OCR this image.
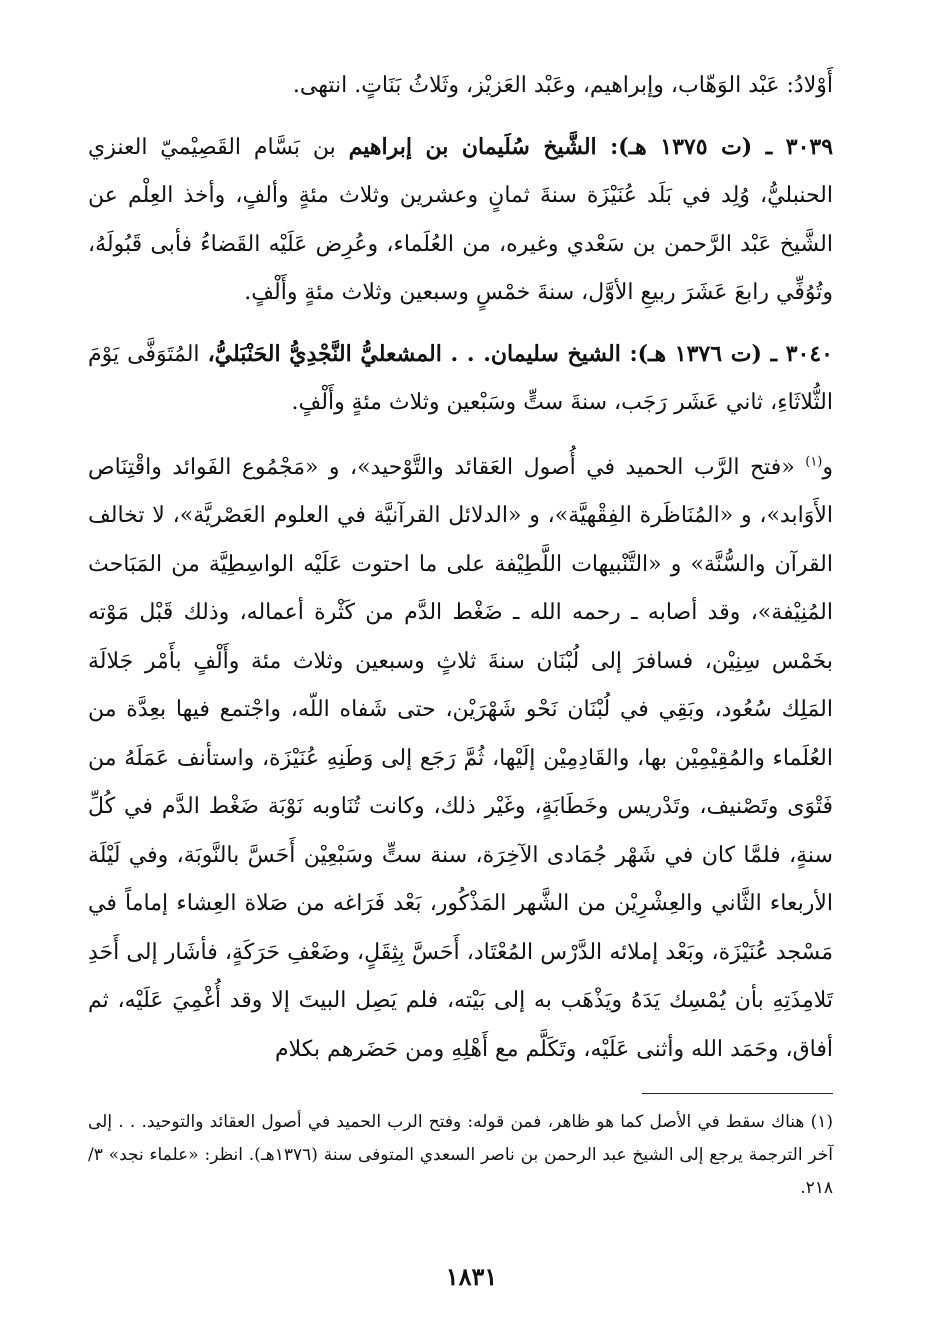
أَوْلادُ: عَبْد الوَهّاب، وإبراهيم، وعَبْد العَزيْز، وثَلاثُ بَنَاتٍ. انتهى.

٣٠٣٩ ـ (ت ١٣٧٥ هـ): الشَّيخ سُلَيمان بن إبراهيم بن بَسَّام القَصِيْميّ العنزي الحنبليُّ، وُلِد في بَلَد عُنَيْزَة سنةَ ثمانٍ وعشرين وثلاث مئةٍ وألفٍ، وأخذ العِلْم عن الشَّيخ عَبْد الرَّحمن بن سَعْدي وغيره، من العُلَماء، وعُرِض عَلَيْه القَضاءُ فأبى قَبُولَهُ، وتُوُفِّي رابعَ عَشَرَ ربيعِ الأوَّل، سنةَ خمْسٍ وسبعين وثلاث مئةٍ وأَلْفٍ.

٣٠٤٠ ـ (ت ١٣٧٦ هـ): الشيخ سليمان. . . المشعليُّ النَّجْدِيُّ الحَنْبَليُّ، المُتَوَفَّى يَوْمَ الثُّلاثَاءِ، ثاني عَشَر رَجَب، سنةَ ستٍّ وسَبْعين وثلاث مئةٍ وأَلْفٍ.

و$^{(١)}$ «فتح الرَّب الحميد في أُصول العَقائد والتَّوْحيد»، و «مَجْمُوع الفَوائد واقْتِنَاص الأَوَابد»، و «المُنَاظَرة الفِقْهيَّة»، و «الدلائل القرآنيَّة في العلوم العَصْريَّة»، لا تخالف القرآن والسُّنَّة» و «التَّنْبيهات اللَّطِيْفة على ما احتوت عَلَيْه الواسِطِيَّة من المَبَاحث المُنِيْفة»، وقد أصابه ـ رحمه الله ـ ضَغْط الدَّم من كَثْرة أعماله، وذلك قَبْل مَوْته بخَمْس سِنِيْن، فسافرَ إلى لُبْنَان سنةَ ثلاثٍ وسبعين وثلاث مئة وأَلْفٍ بأَمْر جَلالَة المَلِك سُعُود، وبَقِي في لُبْنَان نَحْو شَهْرَيْن، حتى شَفاه اللّه، واجْتمع فيها بعِدَّة من العُلَماء والمُقِيْمِيْن بها، والقَادِمِيْن إلَيْها، ثُمَّ رَجَع إلى وَطَنِهِ عُنَيْزَة، واستأنف عَمَلَهُ من فَتْوَى وتَصْنيف، وتَدْريس وخَطَابَةٍ، وغَيْر ذلك، وكانت تُنَاوبه نَوْبَة ضَغْط الدَّم في كُلِّ سنةٍ، فلمَّا كان في شَهْر جُمَادى الآخِرَة، سنة ستٍّ وسَبْعِيْن أَحَسَّ بالنَّوبَة، وفي لَيْلَة الأربعاء الثَّاني والعِشْرِيْن من الشَّهر المَذْكُور، بَعْد فَرَاغه من صَلاة العِشاء إماماً في مَسْجد عُنَيْزَة، وبَعْد إملائه الدَّرْس المُعْتَاد، أَحَسَّ بِثِقَلٍ، وضَعْفِ حَرَكَةٍ، فأشَار إلى أَحَدِ تَلامِذَتِهِ بأن يُمْسِك يَدَهُ ويَذْهَب به إلى بَيْته، فلم يَصِل البيتَ إلا وقد أُغْمِيَ عَلَيْه، ثم أفاق، وحَمَد الله وأثنى عَلَيْه، وتَكَلَّم مع أَهْلِهِ ومن حَضَرهم بكلام

(١) هناك سقط في الأصل كما هو ظاهر، فمن قوله: وفتح الرب الحميد في أصول العقائد والتوحيد. . . إلى آخر الترجمة يرجع إلى الشيخ عبد الرحمن بن ناصر السعدي المتوفى سنة (١٣٧٦هـ). انظر: «علماء نجد» ٣/ ٢١٨.
١٨٣١
